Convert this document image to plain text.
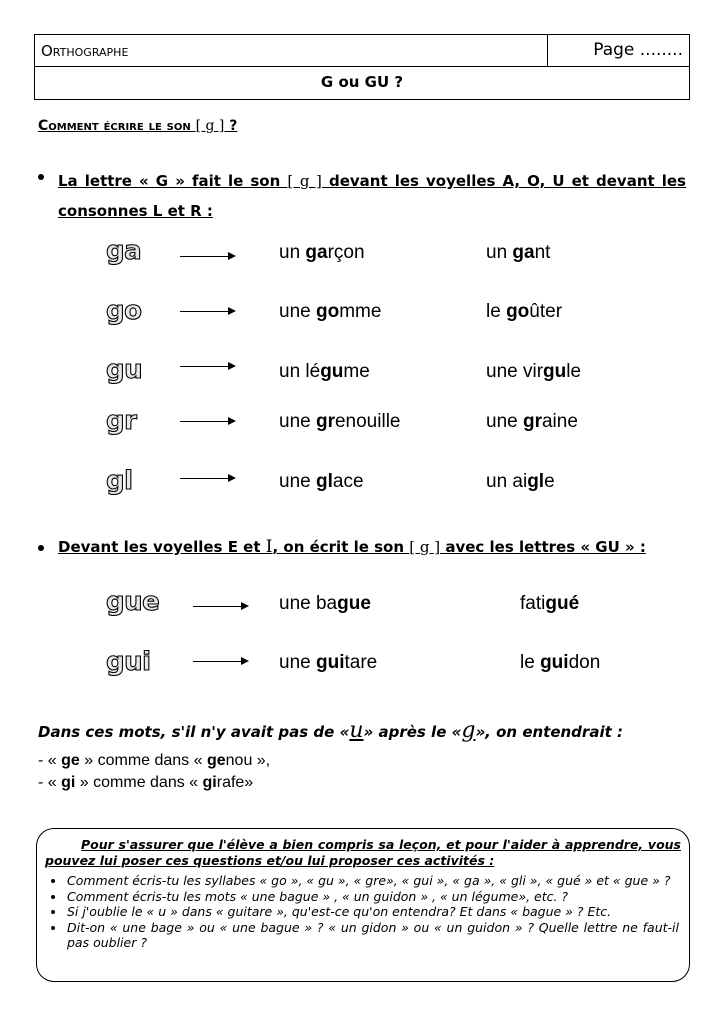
Orthographe	Page ........
G ou GU ?
Comment écrire le son [ g ] ?
La lettre « G » fait le son [ g ] devant les voyelles A, O, U et devant les consonnes L et R :
ga	un garçon	un gant
go	une gomme	le goûter
gu	un légume	une virgule
gr	une grenouille	une graine
gl	une glace	un aigle
Devant les voyelles E et I, on écrit le son [ g ] avec les lettres « GU » :
gue	une bague	fatigué
gui	une guitare	le guidon
Dans ces mots, s'il n'y avait pas de «u» après le «g», on entendrait :
- « ge » comme dans « genou »,
- « gi » comme dans « girafe»
Pour s'assurer que l'élève a bien compris sa leçon, et pour l'aider à apprendre, vous pouvez lui poser ces questions et/ou lui proposer ces activités :
Comment écris-tu les syllabes « go », « gu », « gre», « gui », « ga », « gli », « gué » et « gue » ?
Comment écris-tu les mots « une bague » , « un guidon » , « un légume», etc. ?
Si j'oublie le « u » dans « guitare », qu'est-ce qu'on entendra? Et dans « bague » ? Etc.
Dit-on « une bage » ou « une bague » ? « un gidon » ou « un guidon » ? Quelle lettre ne faut-il pas oublier ?
